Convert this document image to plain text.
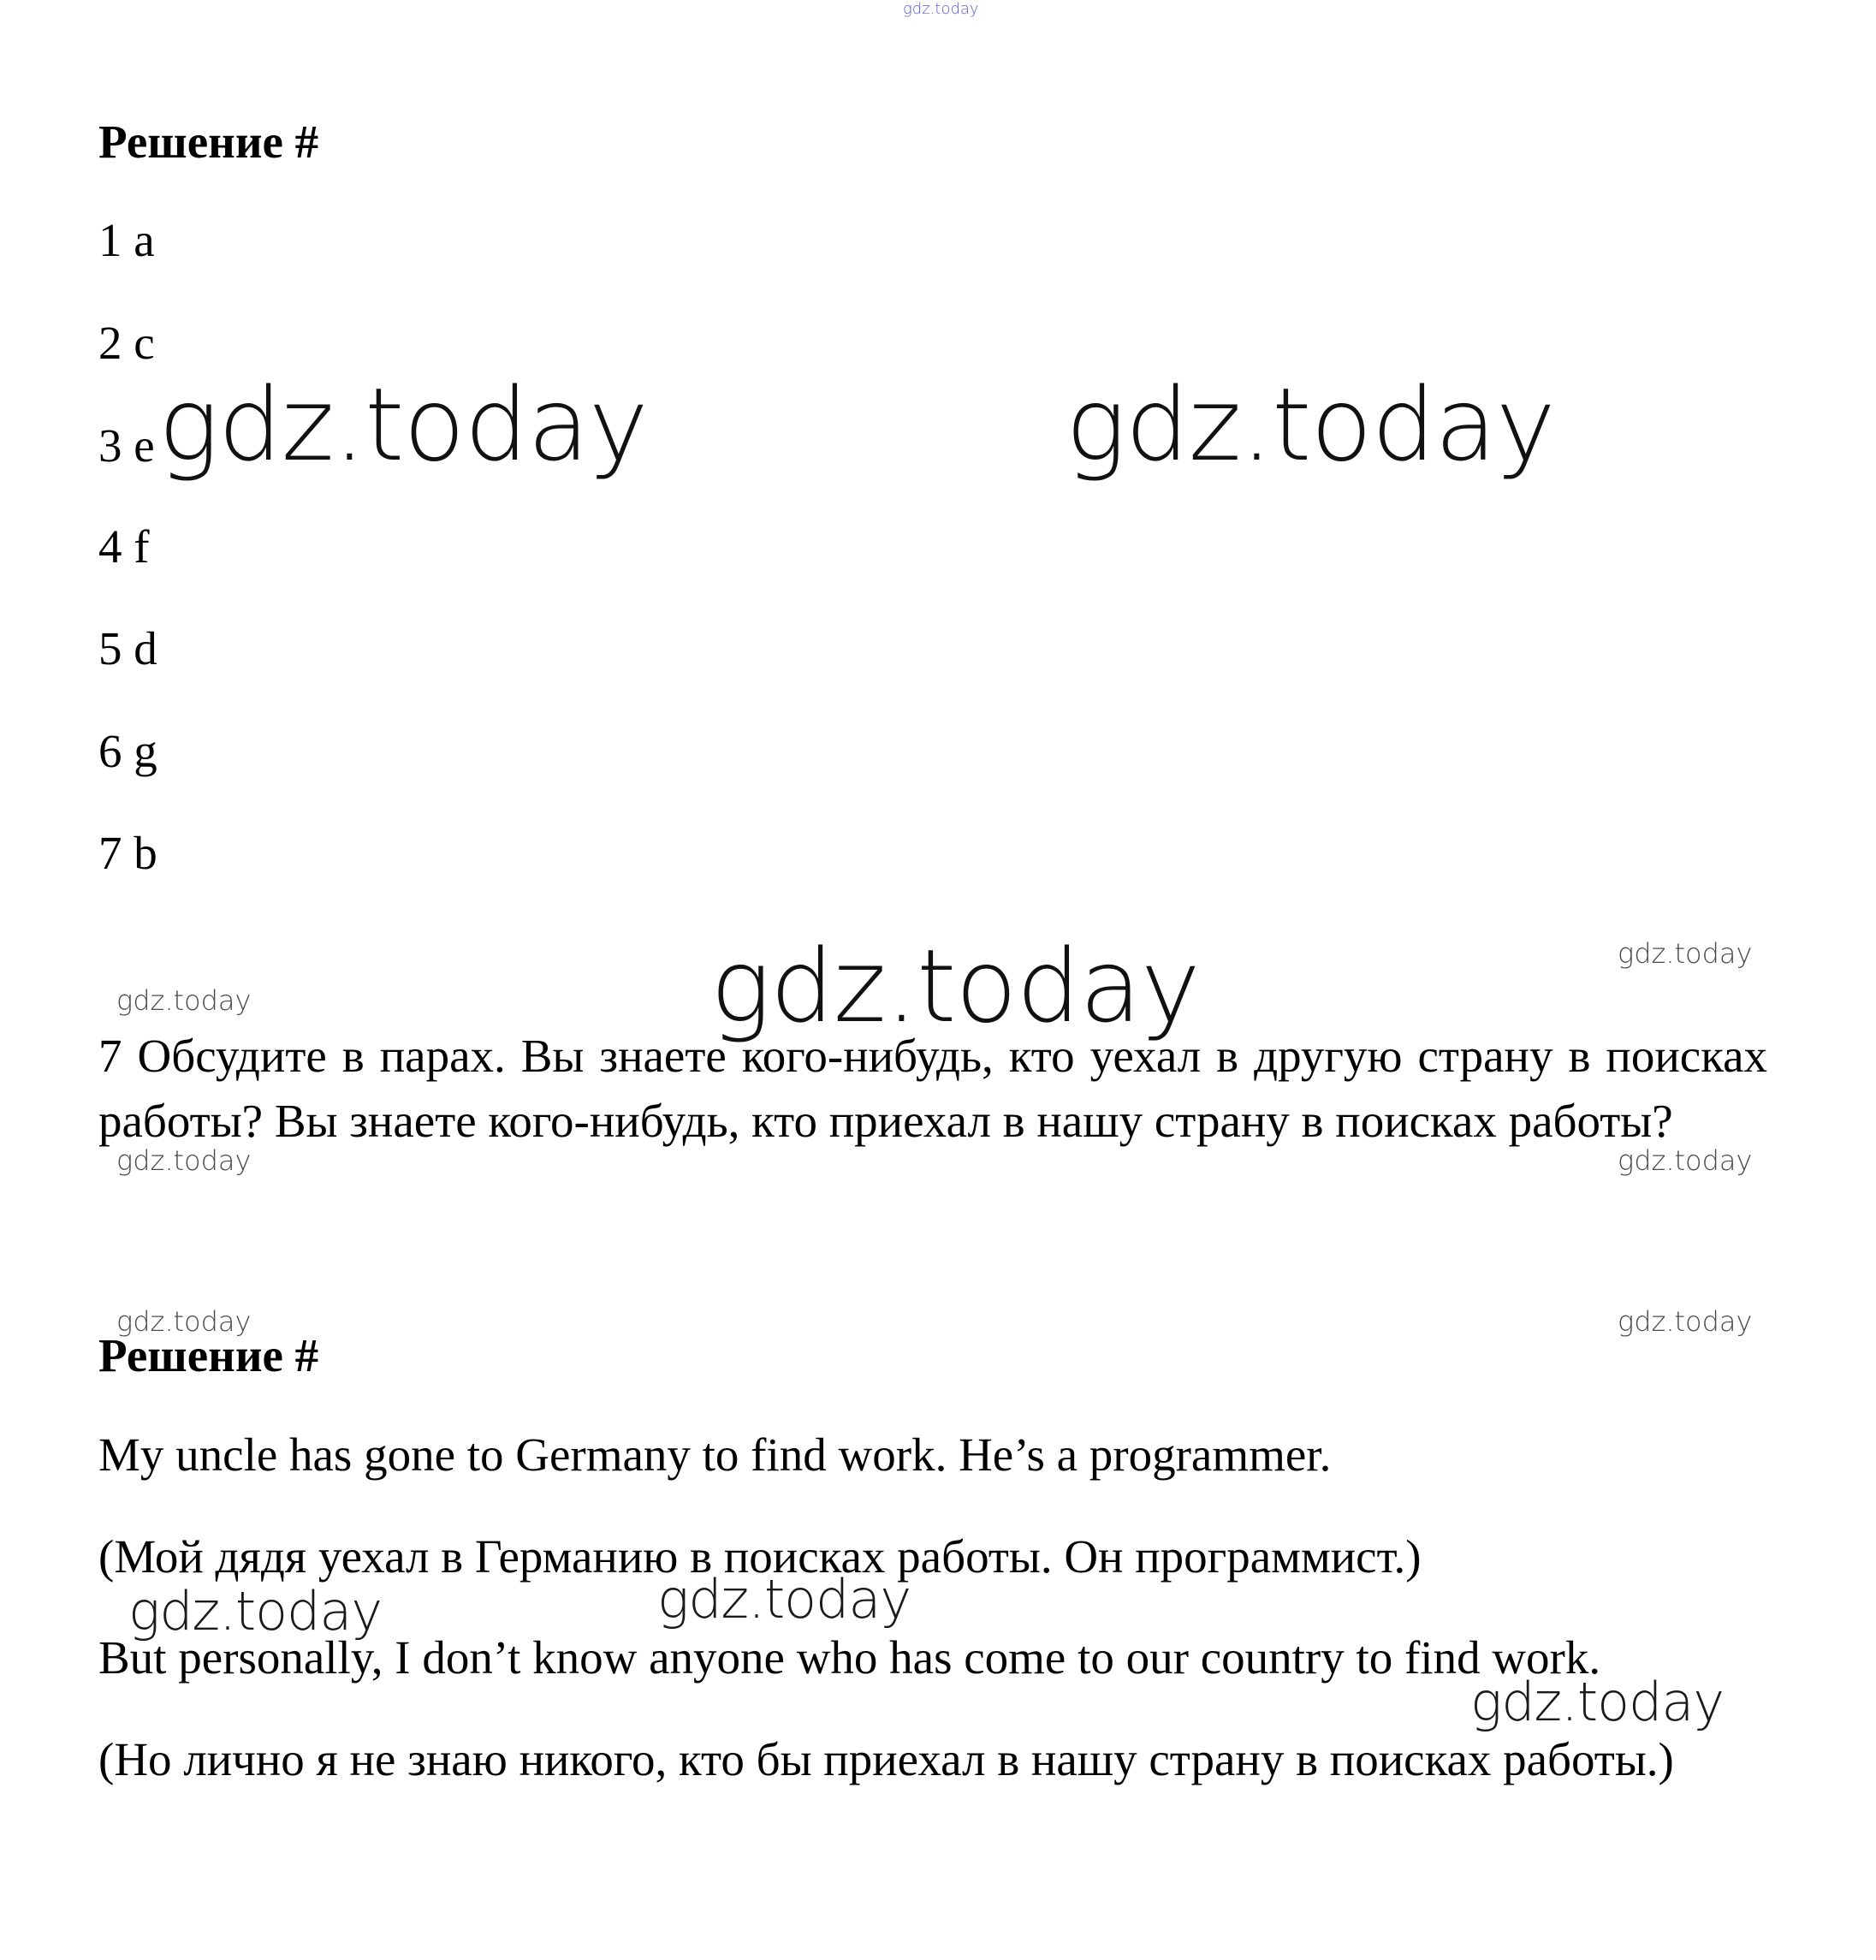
Решение #
1 a
2 c
3 e
4 f
5 d
6 g
7 b

7 Обсудите в парах. Вы знаете кого-нибудь, кто уехал в другую страну в поисках работы? Вы знаете кого-нибудь, кто приехал в нашу страну в поисках работы?

Решение #

My uncle has gone to Germany to find work. He’s a programmer.

(Мой дядя уехал в Германию в поисках работы. Он программист.)

But personally, I don’t know anyone who has come to our country to find work.

(Но лично я не знаю никого, кто бы приехал в нашу страну в поисках работы.)

gdz.today
gdz.today	gdz.today
gdz.today	gdz.today
gdz.today
gdz.today	gdz.today
gdz.today	gdz.today
gdz.today	gdz.today
gdz.today
